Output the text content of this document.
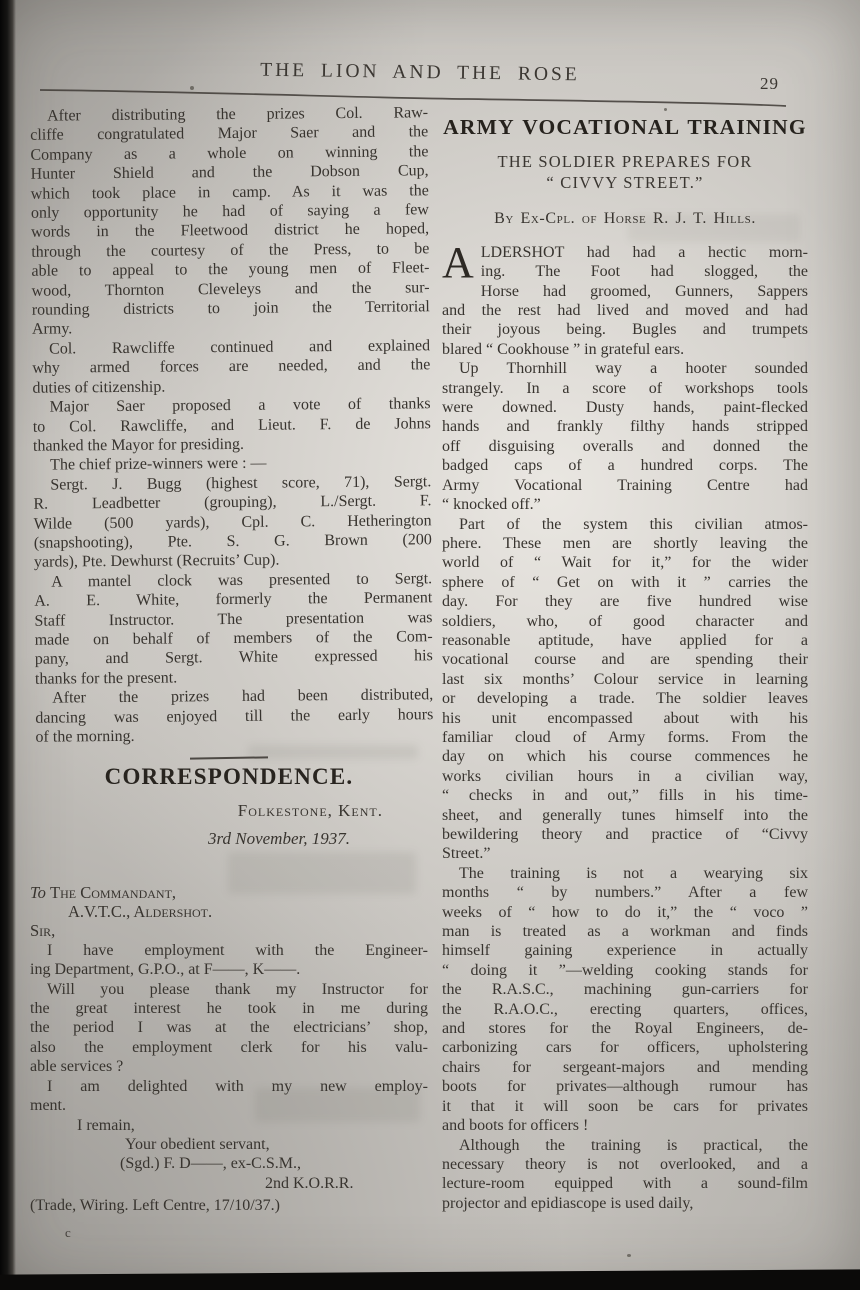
THE LION AND THE ROSE	29
After distributing the prizes Col. Raw-
cliffe congratulated Major Saer and the
Company as a whole on winning the
Hunter Shield and the Dobson Cup,
which took place in camp. As it was the
only opportunity he had of saying a few
words in the Fleetwood district he hoped,
through the courtesy of the Press, to be
able to appeal to the young men of Fleet-
wood, Thornton Cleveleys and the sur-
rounding districts to join the Territorial
Army.
Col. Rawcliffe continued and explained
why armed forces are needed, and the
duties of citizenship.
Major Saer proposed a vote of thanks
to Col. Rawcliffe, and Lieut. F. de Johns
thanked the Mayor for presiding.
The chief prize-winners were : —
Sergt. J. Bugg (highest score, 71), Sergt.
R. Leadbetter (grouping), L./Sergt. F.
Wilde (500 yards), Cpl. C. Hetherington
(snapshooting), Pte. S. G. Brown (200
yards), Pte. Dewhurst (Recruits’ Cup).
A mantel clock was presented to Sergt.
A. E. White, formerly the Permanent
Staff Instructor. The presentation was
made on behalf of members of the Com-
pany, and Sergt. White expressed his
thanks for the present.
After the prizes had been distributed,
dancing was enjoyed till the early hours
of the morning.
CORRESPONDENCE.
Folkestone, Kent.
3rd November, 1937.
To The Commandant,
A.V.T.C., Aldershot.
Sir,
I have employment with the Engineer-
ing Department, G.P.O., at F——, K——.
Will you please thank my Instructor for
the great interest he took in me during
the period I was at the electricians’ shop,
also the employment clerk for his valu-
able services ?
I am delighted with my new employ-
ment.
I remain,
Your obedient servant,
(Sgd.) F. D——, ex-C.S.M.,
2nd K.O.R.R.
(Trade, Wiring. Left Centre, 17/10/37.)
c
ARMY VOCATIONAL TRAINING
THE SOLDIER PREPARES FOR
“ CIVVY STREET.”
By Ex-Cpl. of Horse R. J. T. Hills.
A LDERSHOT had had a hectic morn-
ing. The Foot had slogged, the
Horse had groomed, Gunners, Sappers
and the rest had lived and moved and had
their joyous being. Bugles and trumpets
blared “ Cookhouse ” in grateful ears.
Up Thornhill way a hooter sounded
strangely. In a score of workshops tools
were downed. Dusty hands, paint-flecked
hands and frankly filthy hands stripped
off disguising overalls and donned the
badged caps of a hundred corps. The
Army Vocational Training Centre had
“ knocked off.”
Part of the system this civilian atmos-
phere. These men are shortly leaving the
world of “ Wait for it,” for the wider
sphere of “ Get on with it ” carries the
day. For they are five hundred wise
soldiers, who, of good character and
reasonable aptitude, have applied for a
vocational course and are spending their
last six months’ Colour service in learning
or developing a trade. The soldier leaves
his unit encompassed about with his
familiar cloud of Army forms. From the
day on which his course commences he
works civilian hours in a civilian way,
“ checks in and out,” fills in his time-
sheet, and generally tunes himself into the
bewildering theory and practice of “Civvy
Street.”
The training is not a wearying six
months “ by numbers.” After a few
weeks of “ how to do it,” the “ voco ”
man is treated as a workman and finds
himself gaining experience in actually
“ doing it ”—welding cooking stands for
the R.A.S.C., machining gun-carriers for
the R.A.O.C., erecting quarters, offices,
and stores for the Royal Engineers, de-
carbonizing cars for officers, upholstering
chairs for sergeant-majors and mending
boots for privates—although rumour has
it that it will soon be cars for privates
and boots for officers !
Although the training is practical, the
necessary theory is not overlooked, and a
lecture-room equipped with a sound-film
projector and epidiascope is used daily,
